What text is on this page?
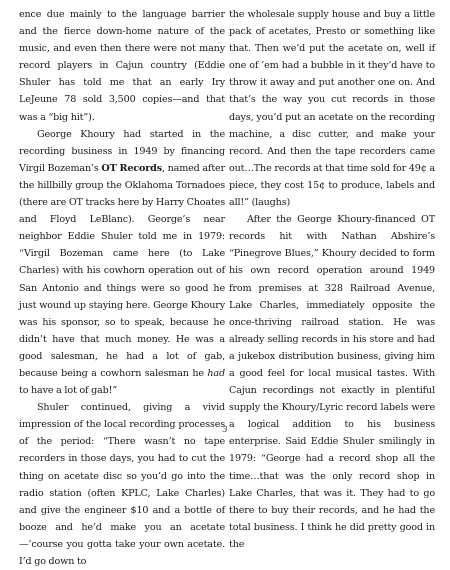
ence due mainly to the language barrier and the fierce down-home nature of the music, and even then there were not many record players in Cajun country (Eddie Shuler has told me that an early Iry LeJeune 78 sold 3,500 copies—and that was a “big hit”).

George Khoury had started in the recording business in 1949 by financing Virgil Bozeman’s OT Records, named after the hillbilly group the Oklahoma Tornadoes (there are OT tracks here by Harry Choates and Floyd LeBlanc). George’s near neighbor Eddie Shuler told me in 1979: “Virgil Bozeman came here (to Lake Charles) with his cowhorn operation out of San Antonio and things were so good he just wound up staying here. George Khoury was his sponsor, so to speak, because he didn’t have that much money. He was a good salesman, he had a lot of gab, because being a cowhorn salesman he had to have a lot of gab!”

Shuler continued, giving a vivid impression of the local recording processes of the period: “There wasn’t no tape recorders in those days, you had to cut the thing on acetate disc so you’d go into the radio station (often KPLC, Lake Charles) and give the engineer $10 and a bottle of booze and he’d make you an acetate—’course you gotta take your own acetate. I’d go down to

the wholesale supply house and buy a little pack of acetates, Presto or something like that. Then we’d put the acetate on, well if one of ’em had a bubble in it they’d have to throw it away and put another one on. And that’s the way you cut records in those days, you’d put an acetate on the recording machine, a disc cutter, and make your record. And then the tape recorders came out…The records at that time sold for 49¢ a piece, they cost 15¢ to produce, labels and all!” (laughs)

After the George Khoury-financed OT records hit with Nathan Abshire’s “Pinegrove Blues,” Khoury decided to form his own record operation around 1949 from premises at 328 Railroad Avenue, Lake Charles, immediately opposite the once-thriving railroad station. He was already selling records in his store and had a jukebox distribution business, giving him a good feel for local musical tastes. With Cajun recordings not exactly in plentiful supply the Khoury/Lyric record labels were a logical addition to his business enterprise. Said Eddie Shuler smilingly in 1979: “George had a record shop all the time…that was the only record shop in Lake Charles, that was it. They had to go there to buy their records, and he had the total business. I think he did pretty good in the

3
